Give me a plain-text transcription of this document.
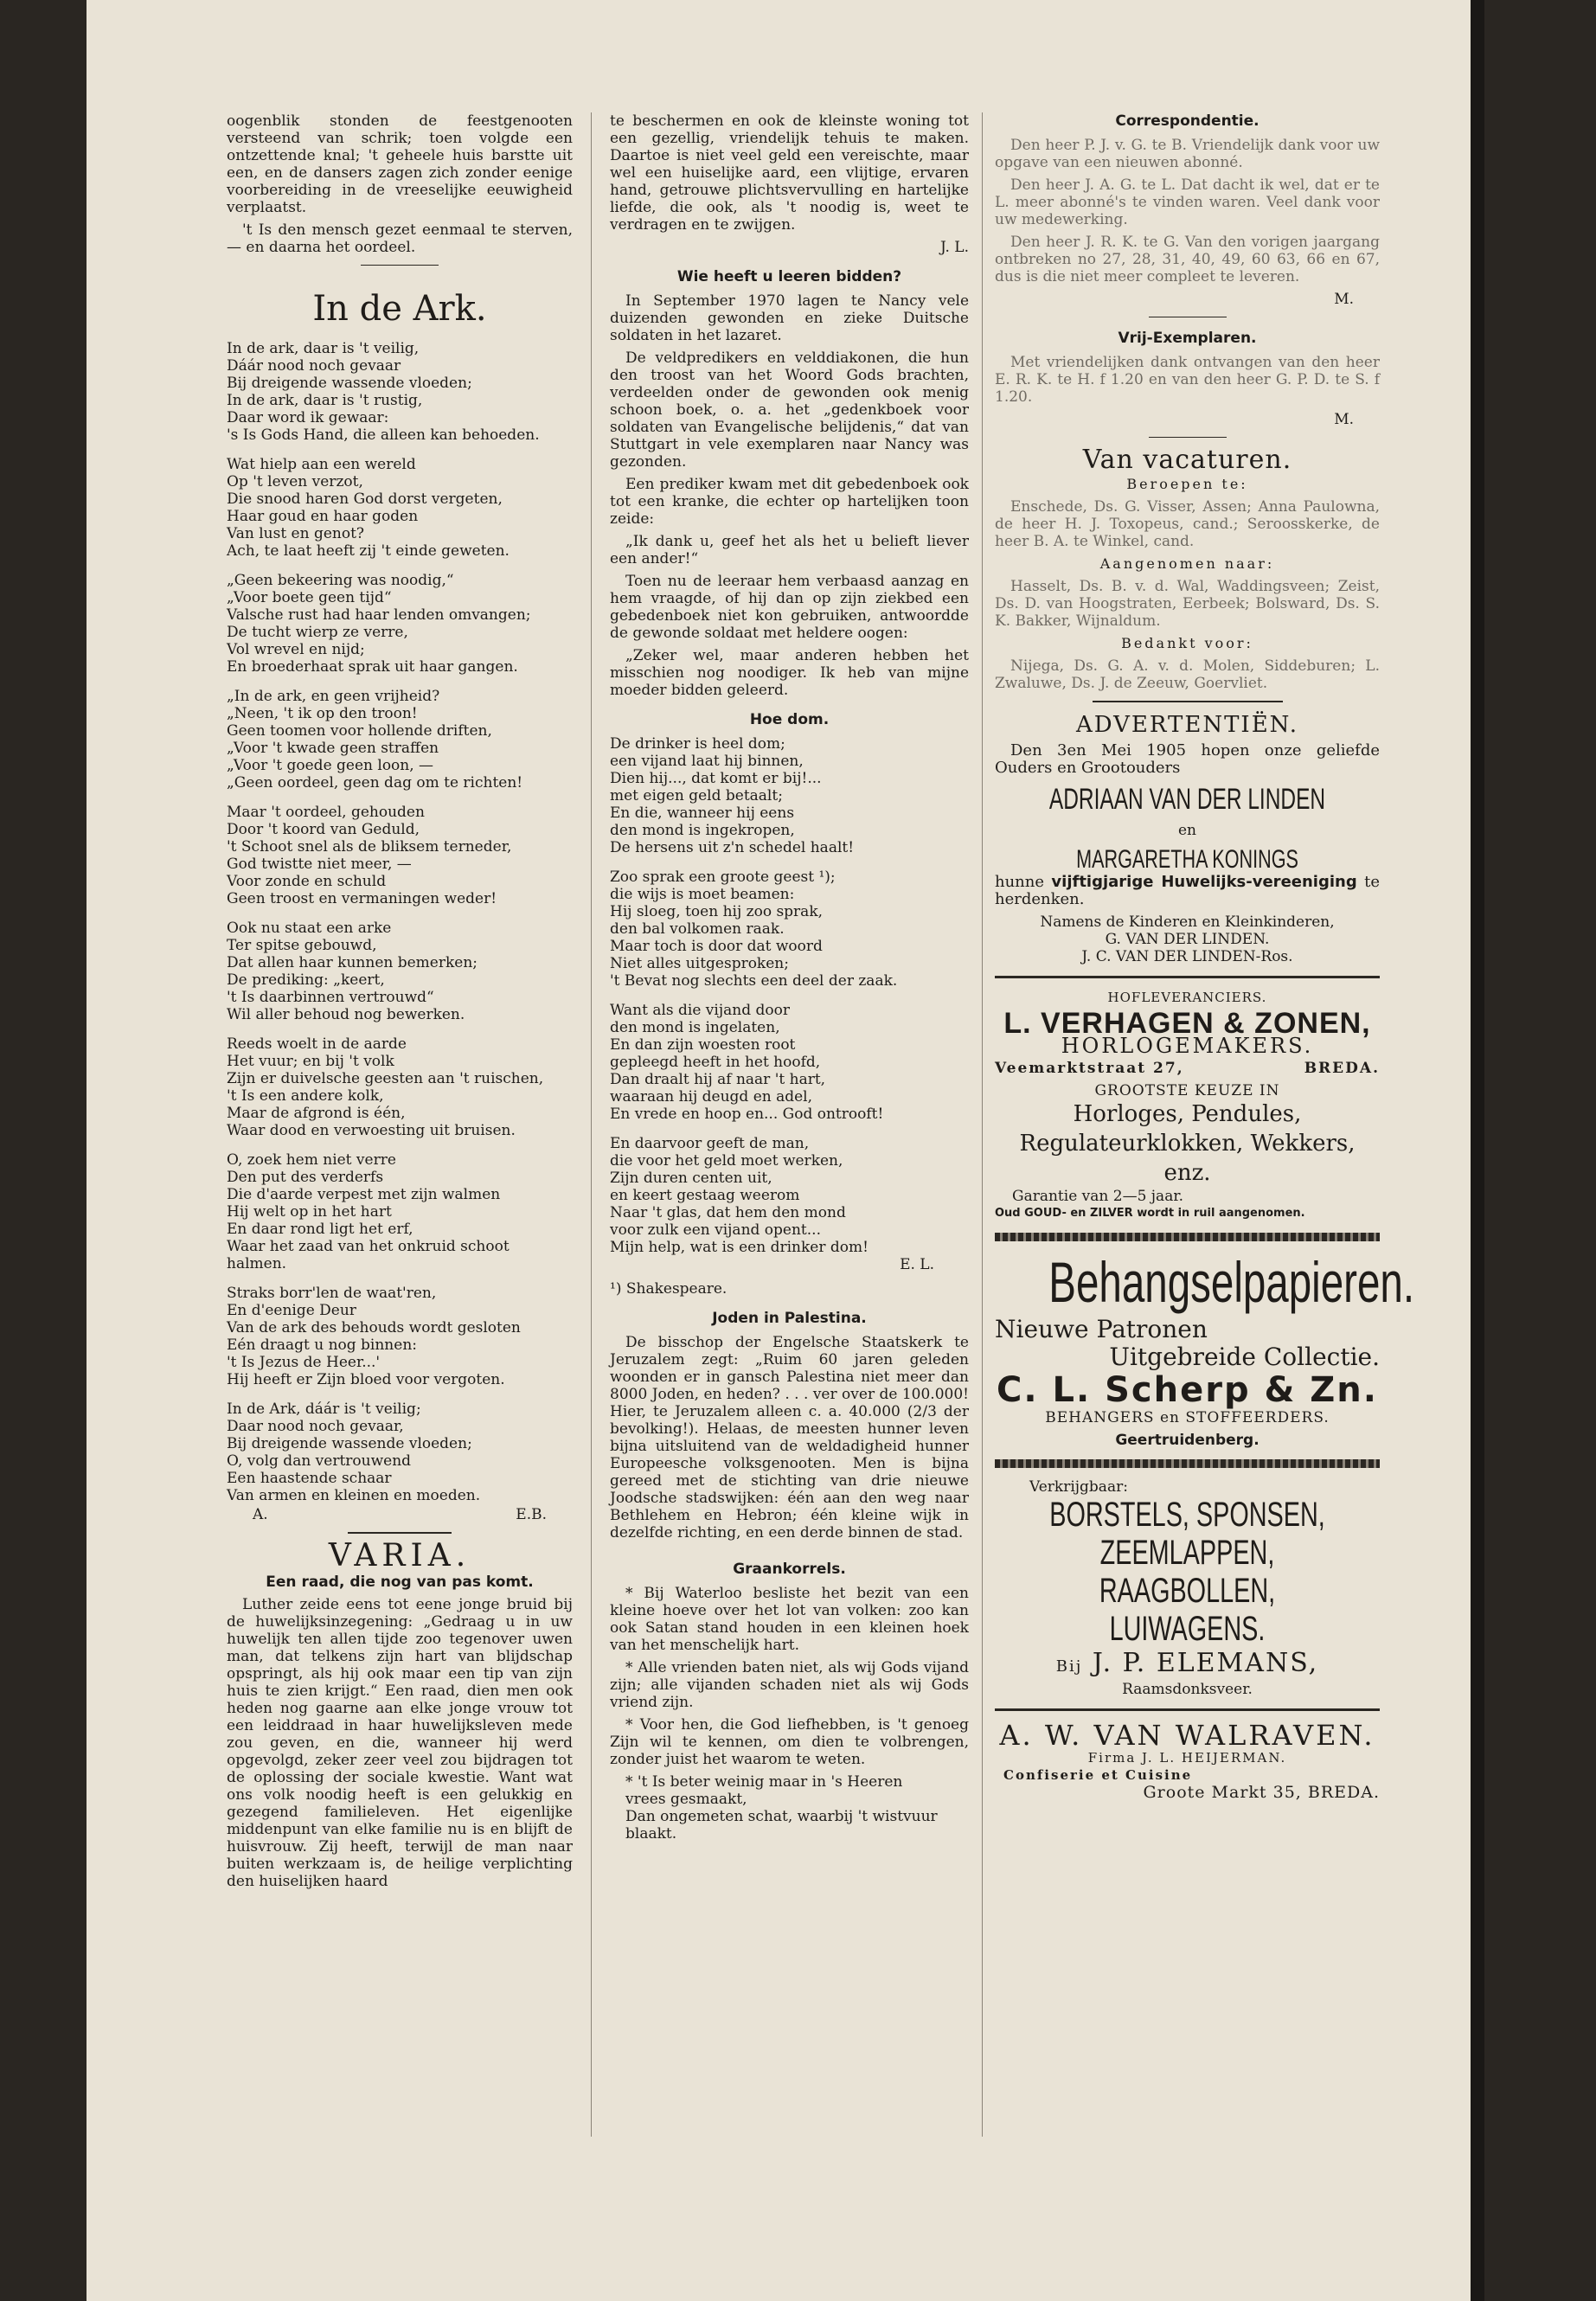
oogenblik stonden de feestgenooten versteend van schrik; toen volgde een ontzettende knal; 't geheele huis barstte uit een, en de dansers zagen zich zonder eenige voorbereiding in de vreeselijke eeuwigheid verplaatst.

't Is den mensch gezet eenmaal te sterven, — en daarna het oordeel.

In de Ark.
In de ark, daar is 't veilig,
Dáár nood noch gevaar
Bij dreigende wassende vloeden;
In de ark, daar is 't rustig,
Daar word ik gewaar:
's Is Gods Hand, die alleen kan behoeden.
Wat hielp aan een wereld
Op 't leven verzot,
Die snood haren God dorst vergeten,
Haar goud en haar goden
Van lust en genot?
Ach, te laat heeft zij 't einde geweten.
„Geen bekeering was noodig,“
„Voor boete geen tijd“
Valsche rust had haar lenden omvangen;
De tucht wierp ze verre,
Vol wrevel en nijd;
En broederhaat sprak uit haar gangen.
„In de ark, en geen vrijheid?
„Neen, 't ik op den troon!
Geen toomen voor hollende driften,
„Voor 't kwade geen straffen
„Voor 't goede geen loon, —
„Geen oordeel, geen dag om te richten!
Maar 't oordeel, gehouden
Door 't koord van Geduld,
't Schoot snel als de bliksem terneder,
God twistte niet meer, —
Voor zonde en schuld
Geen troost en vermaningen weder!
Ook nu staat een arke
Ter spitse gebouwd,
Dat allen haar kunnen bemerken;
De prediking: „keert,
't Is daarbinnen vertrouwd“
Wil aller behoud nog bewerken.
Reeds woelt in de aarde
Het vuur; en bij 't volk
Zijn er duivelsche geesten aan 't ruischen,
't Is een andere kolk,
Maar de afgrond is één,
Waar dood en verwoesting uit bruisen.
O, zoek hem niet verre
Den put des verderfs
Die d'aarde verpest met zijn walmen
Hij welt op in het hart
En daar rond ligt het erf,
Waar het zaad van het onkruid schoot
halmen.
Straks borr'len de waat'ren,
En d'eenige Deur
Van de ark des behouds wordt gesloten
Eén draagt u nog binnen:
't Is Jezus de Heer...'
Hij heeft er Zijn bloed voor vergoten.
In de Ark, dáár is 't veilig;
Daar nood noch gevaar,
Bij dreigende wassende vloeden;
O, volg dan vertrouwend
Een haastende schaar
Van armen en kleinen en moeden.
A.	E.B.
VARIA.
Een raad, die nog van pas komt.

Luther zeide eens tot eene jonge bruid bij de huwelijksinzegening: „Gedraag u in uw huwelijk ten allen tijde zoo tegenover uwen man, dat telkens zijn hart van blijdschap opspringt, als hij ook maar een tip van zijn huis te zien krijgt.“ Een raad, dien men ook heden nog gaarne aan elke jonge vrouw tot een leiddraad in haar huwelijksleven mede zou geven, en die, wanneer hij werd opgevolgd, zeker zeer veel zou bijdragen tot de oplossing der sociale kwestie. Want wat ons volk noodig heeft is een gelukkig en gezegend familieleven. Het eigenlijke middenpunt van elke familie nu is en blijft de huisvrouw. Zij heeft, terwijl de man naar buiten werkzaam is, de heilige verplichting den huiselijken haard

te beschermen en ook de kleinste woning tot een gezellig, vriendelijk tehuis te maken. Daartoe is niet veel geld een vereischte, maar wel een huiselijke aard, een vlijtige, ervaren hand, getrouwe plichtsvervulling en hartelijke liefde, die ook, als 't noodig is, weet te verdragen en te zwijgen.

J. L.
Wie heeft u leeren bidden?

In September 1970 lagen te Nancy vele duizenden gewonden en zieke Duitsche soldaten in het lazaret.

De veldpredikers en velddiakonen, die hun den troost van het Woord Gods brachten, verdeelden onder de gewonden ook menig schoon boek, o. a. het „gedenkboek voor soldaten van Evangelische belijdenis,“ dat van Stuttgart in vele exemplaren naar Nancy was gezonden.

Een prediker kwam met dit gebedenboek ook tot een kranke, die echter op hartelijken toon zeide:

„Ik dank u, geef het als het u belieft liever een ander!“

Toen nu de leeraar hem verbaasd aanzag en hem vraagde, of hij dan op zijn ziekbed een gebedenboek niet kon gebruiken, antwoordde de gewonde soldaat met heldere oogen:

„Zeker wel, maar anderen hebben het misschien nog noodiger. Ik heb van mijne moeder bidden geleerd.

Hoe dom.
De drinker is heel dom;
een vijand laat hij binnen,
Dien hij..., dat komt er bij!...
met eigen geld betaalt;
En die, wanneer hij eens
den mond is ingekropen,
De hersens uit z'n schedel haalt!
Zoo sprak een groote geest ¹);
die wijs is moet beamen:
Hij sloeg, toen hij zoo sprak,
den bal volkomen raak.
Maar toch is door dat woord
Niet alles uitgesproken;
't Bevat nog slechts een deel der zaak.
Want als die vijand door
den mond is ingelaten,
En dan zijn woesten root
gepleegd heeft in het hoofd,
Dan draalt hij af naar 't hart,
waaraan hij deugd en adel,
En vrede en hoop en... God ontrooft!
En daarvoor geeft de man,
die voor het geld moet werken,
Zijn duren centen uit,
en keert gestaag weerom
Naar 't glas, dat hem den mond
voor zulk een vijand opent...
Mijn help, wat is een drinker dom!
E. L.

¹) Shakespeare.

Joden in Palestina.

De bisschop der Engelsche Staatskerk te Jeruzalem zegt: „Ruim 60 jaren geleden woonden er in gansch Palestina niet meer dan 8000 Joden, en heden? . . . ver over de 100.000! Hier, te Jeruzalem alleen c. a. 40.000 (2/3 der bevolking!). Helaas, de meesten hunner leven bijna uitsluitend van de weldadigheid hunner Europeesche volksgenooten. Men is bijna gereed met de stichting van drie nieuwe Joodsche stadswijken: één aan den weg naar Bethlehem en Hebron; één kleine wijk in dezelfde richting, en een derde binnen de stad.

Graankorrels.

* Bij Waterloo besliste het bezit van een kleine hoeve over het lot van volken: zoo kan ook Satan stand houden in een kleinen hoek van het menschelijk hart.

* Alle vrienden baten niet, als wij Gods vijand zijn; alle vijanden schaden niet als wij Gods vriend zijn.

* Voor hen, die God liefhebben, is 't genoeg Zijn wil te kennen, om dien te volbrengen, zonder juist het waarom te weten.

* 't Is beter weinig maar in 's Heeren
vrees gesmaakt,
Dan ongemeten schat, waarbij 't wistvuur
blaakt.
Correspondentie.

Den heer P. J. v. G. te B. Vriendelijk dank voor uw opgave van een nieuwen abonné.

Den heer J. A. G. te L. Dat dacht ik wel, dat er te L. meer abonné's te vinden waren. Veel dank voor uw medewerking.

Den heer J. R. K. te G. Van den vorigen jaargang ontbreken no 27, 28, 31, 40, 49, 60 63, 66 en 67, dus is die niet meer compleet te leveren.

M.
Vrij-Exemplaren.

Met vriendelijken dank ontvangen van den heer E. R. K. te H. f 1.20 en van den heer G. P. D. te S. f 1.20.

M.
Van vacaturen.
Beroepen te:

Enschede, Ds. G. Visser, Assen; Anna Paulowna, de heer H. J. Toxopeus, cand.; Seroosskerke, de heer B. A. te Winkel, cand.

Aangenomen naar:

Hasselt, Ds. B. v. d. Wal, Waddingsveen; Zeist, Ds. D. van Hoogstraten, Eerbeek; Bolsward, Ds. S. K. Bakker, Wijnaldum.

Bedankt voor:

Nijega, Ds. G. A. v. d. Molen, Siddeburen; L. Zwaluwe, Ds. J. de Zeeuw, Goervliet.

ADVERTENTIËN.

Den 3en Mei 1905 hopen onze geliefde Ouders en Grootouders

ADRIAAN VAN DER LINDEN
en
MARGARETHA KONINGS

hunne vijftigjarige Huwelijks-vereeniging te herdenken.

Namens de Kinderen en Kleinkinderen,
G. VAN DER LINDEN.
J. C. VAN DER LINDEN-Ros.
HOFLEVERANCIERS.
L. VERHAGEN & ZONEN,
HORLOGEMAKERS.
Veemarktstraat 27,	BREDA.
GROOTSTE KEUZE IN
Horloges, Pendules, Regulateurklokken, Wekkers, enz.
Garantie van 2—5 jaar.
Oud GOUD- en ZILVER wordt in ruil aangenomen.
Behangselpapieren.
Nieuwe Patronen
Uitgebreide Collectie.
C. L. Scherp & Zn.
BEHANGERS en STOFFEERDERS.
Geertruidenberg.
Verkrijgbaar:
BORSTELS, SPONSEN, ZEEMLAPPEN,
RAAGBOLLEN, LUIWAGENS.
Bij J. P. ELEMANS,
Raamsdonksveer.
A. W. VAN WALRAVEN.
Firma J. L. HEIJERMAN.
Confiserie et Cuisine
Groote Markt 35, BREDA.
